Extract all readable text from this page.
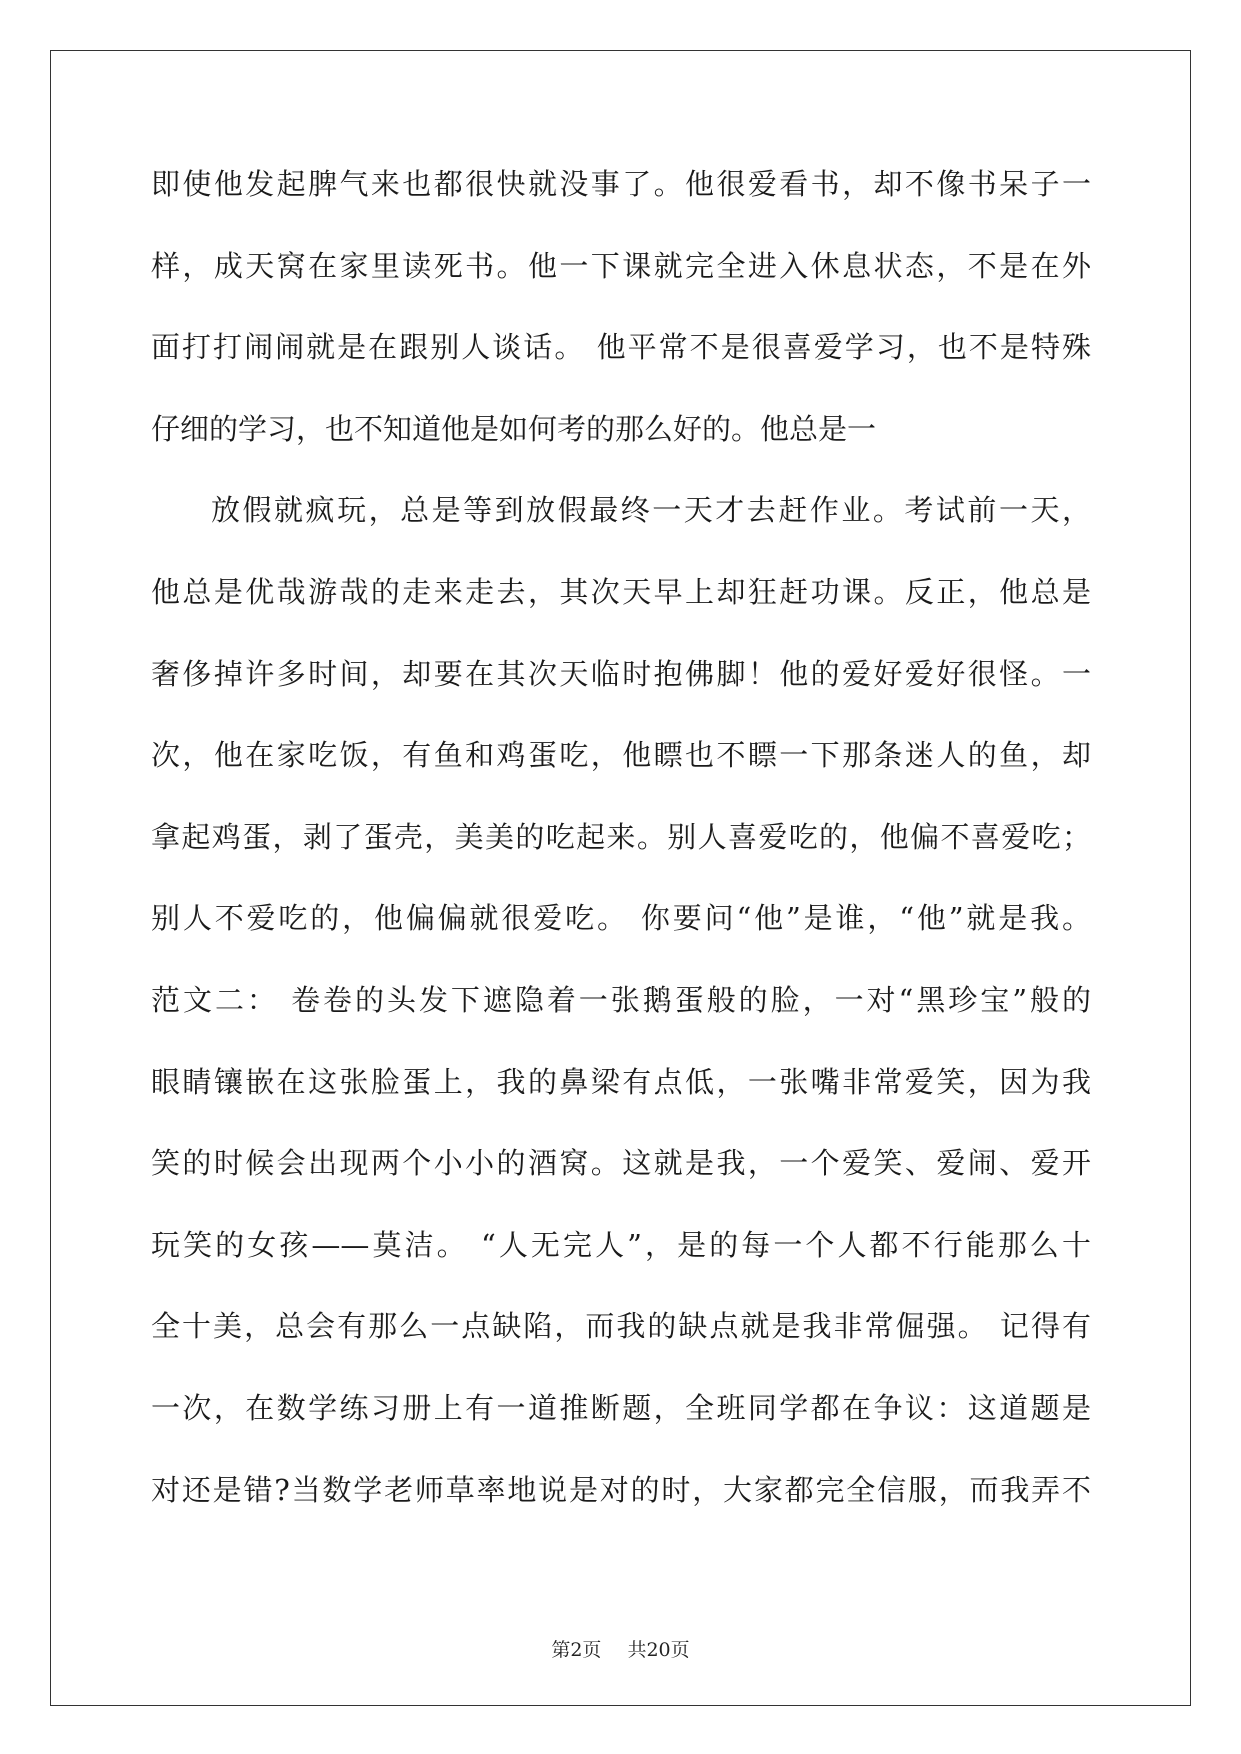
即使他发起脾气来也都很快就没事了。他很爱看书，却不像书呆子一
样，成天窝在家里读死书。他一下课就完全进入休息状态，不是在外
面打打闹闹就是在跟别人谈话。 他平常不是很喜爱学习，也不是特殊
仔细的学习，也不知道他是如何考的那么好的。他总是一
放假就疯玩，总是等到放假最终一天才去赶作业。考试前一天，
他总是优哉游哉的走来走去，其次天早上却狂赶功课。反正，他总是
奢侈掉许多时间，却要在其次天临时抱佛脚！他的爱好爱好很怪。一
次，他在家吃饭，有鱼和鸡蛋吃，他瞟也不瞟一下那条迷人的鱼，却
拿起鸡蛋，剥了蛋壳，美美的吃起来。别人喜爱吃的，他偏不喜爱吃；
别人不爱吃的，他偏偏就很爱吃。 你要问“他”是谁，“他”就是我。
范文二： 卷卷的头发下遮隐着一张鹅蛋般的脸，一对“黑珍宝”般的
眼睛镶嵌在这张脸蛋上，我的鼻梁有点低，一张嘴非常爱笑，因为我
笑的时候会出现两个小小的酒窝。这就是我，一个爱笑、爱闹、爱开
玩笑的女孩——莫洁。 “人无完人”，是的每一个人都不行能那么十
全十美，总会有那么一点缺陷，而我的缺点就是我非常倔强。 记得有
一次，在数学练习册上有一道推断题，全班同学都在争议：这道题是
对还是错?当数学老师草率地说是对的时，大家都完全信服，而我弄不
第2页 共20页
